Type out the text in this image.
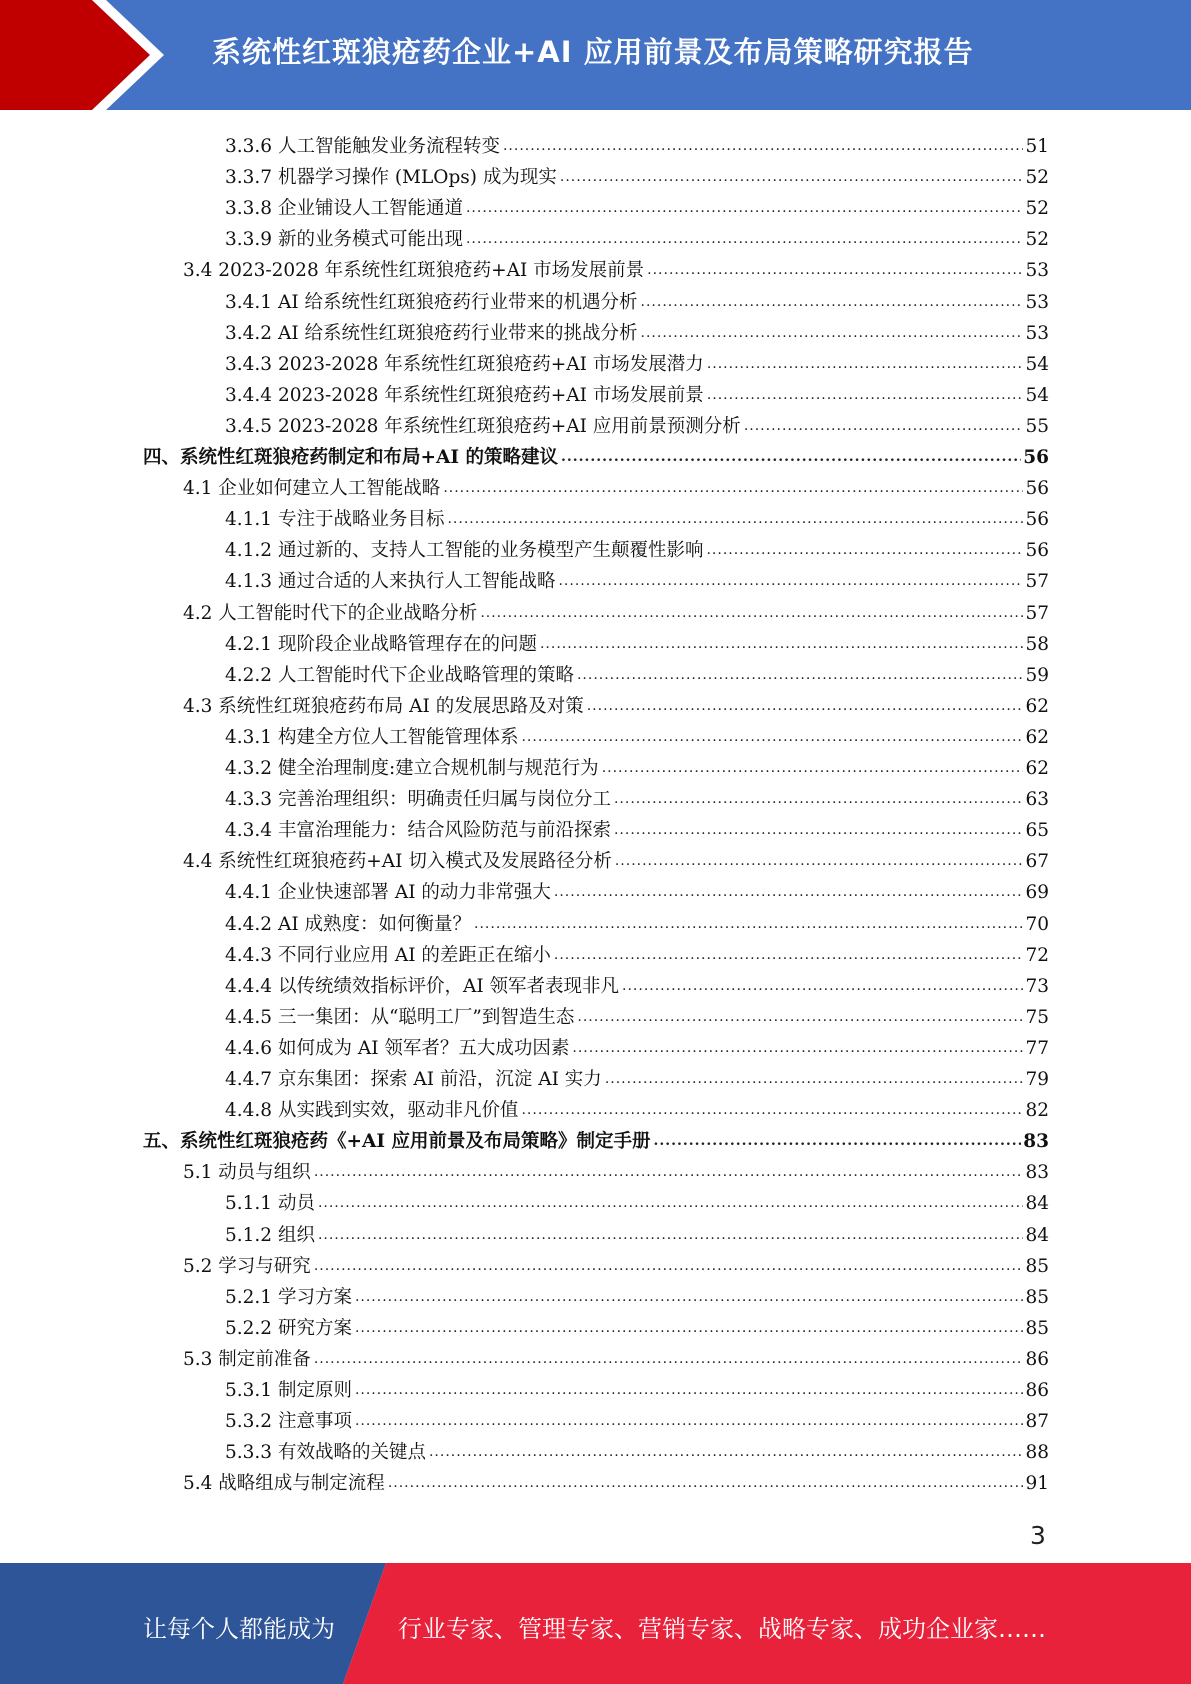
系统性红斑狼疮药企业+AI 应用前景及布局策略研究报告
3.3.6 人工智能触发业务流程转变 .....	51
3.3.7 机器学习操作 (MLOps) 成为现实 .....	52
3.3.8 企业铺设人工智能通道 .....	52
3.3.9 新的业务模式可能出现 .....	52
3.4 2023-2028 年系统性红斑狼疮药+AI 市场发展前景 .....	53
3.4.1 AI 给系统性红斑狼疮药行业带来的机遇分析 .....	53
3.4.2 AI 给系统性红斑狼疮药行业带来的挑战分析 .....	53
3.4.3 2023-2028 年系统性红斑狼疮药+AI 市场发展潜力 .....	54
3.4.4 2023-2028 年系统性红斑狼疮药+AI 市场发展前景 .....	54
3.4.5 2023-2028 年系统性红斑狼疮药+AI 应用前景预测分析 .....	55
四、系统性红斑狼疮药制定和布局+AI 的策略建议 .....	56
4.1 企业如何建立人工智能战略 .....	56
4.1.1 专注于战略业务目标 .....	56
4.1.2 通过新的、支持人工智能的业务模型产生颠覆性影响 .....	56
4.1.3 通过合适的人来执行人工智能战略 .....	57
4.2 人工智能时代下的企业战略分析 .....	57
4.2.1 现阶段企业战略管理存在的问题 .....	58
4.2.2 人工智能时代下企业战略管理的策略 .....	59
4.3 系统性红斑狼疮药布局 AI 的发展思路及对策 .....	62
4.3.1 构建全方位人工智能管理体系 .....	62
4.3.2 健全治理制度:建立合规机制与规范行为 .....	62
4.3.3 完善治理组织：明确责任归属与岗位分工 .....	63
4.3.4 丰富治理能力：结合风险防范与前沿探索 .....	65
4.4 系统性红斑狼疮药+AI 切入模式及发展路径分析 .....	67
4.4.1 企业快速部署 AI 的动力非常强大 .....	69
4.4.2 AI 成熟度：如何衡量？ .....	70
4.4.3 不同行业应用 AI 的差距正在缩小 .....	72
4.4.4 以传统绩效指标评价，AI 领军者表现非凡 .....	73
4.4.5 三一集团：从“聪明工厂”到智造生态 .....	75
4.4.6 如何成为 AI 领军者？五大成功因素 .....	77
4.4.7 京东集团：探索 AI 前沿，沉淀 AI 实力 .....	79
4.4.8 从实践到实效，驱动非凡价值 .....	82
五、系统性红斑狼疮药《+AI 应用前景及布局策略》制定手册 .....	83
5.1 动员与组织 .....	83
5.1.1 动员 .....	84
5.1.2 组织 .....	84
5.2 学习与研究 .....	85
5.2.1 学习方案 .....	85
5.2.2 研究方案 .....	85
5.3 制定前准备 .....	86
5.3.1 制定原则 .....	86
5.3.2 注意事项 .....	87
5.3.3 有效战略的关键点 .....	88
5.4 战略组成与制定流程 .....	91
3
让每个人都能成为	行业专家、管理专家、营销专家、战略专家、成功企业家……
